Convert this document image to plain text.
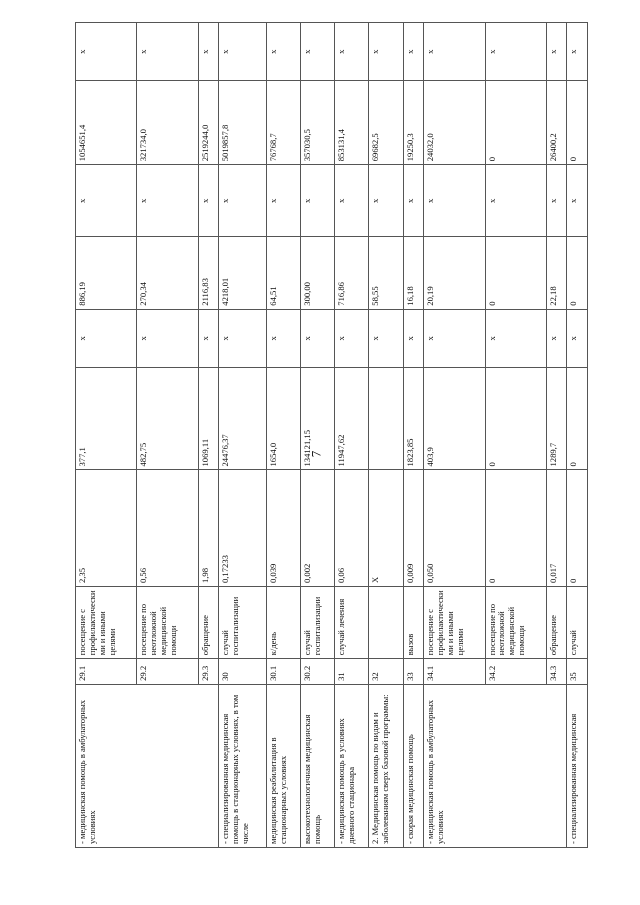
7
- медицинская помощь в амбулаторных условиях	29.1	посещение с профилактическими и иными целями	2,35	377,1	х	886,19	х	1054651,4	х
	29.2	посещение по неотложной медицинской помощи	0,56	482,75	х	270,34	х	321734,0	х
	29.3	обращение	1,98	1069,11	х	2116,83	х	2519244,0	х
- специализированная медицинская помощь в стационарных условиях, в том числе	30	случай госпитализации	0,17233	24476,37	х	4218,01	х	5019857,8	х
медицинская реабилитация в стационарных условиях	30.1	к/день	0,039	1654,0	х	64,51	х	76768,7	х
высокотехнологичная медицинская помощь	30.2	случай госпитализации	0,002	134121,15	х	300,00	х	357030,5	х
- медицинская помощь в условиях дневного стационара	31	случай лечения	0,06	11947,62	х	716,86	х	853131,4	х
2. Медицинская помощь по видам и заболеваниям сверх базовой программы:	32		Х		х	58,55	х	69682,5	х
- скорая медицинская помощь	33	вызов	0,009	1823,85	х	16,18	х	19250,3	х
- медицинская помощь в амбулаторных условиях	34.1	посещение с профилактическими и иными целями	0,050	403,9	х	20,19	х	24032,0	х
	34.2	посещение по неотложной медицинской помощи	0	0	х	0	х	0	х
	34.3	обращение	0,017	1289,7	х	22,18	х	26400,2	х
- специализированная медицинская	35	случай	0	0	х	0	х	0	х
